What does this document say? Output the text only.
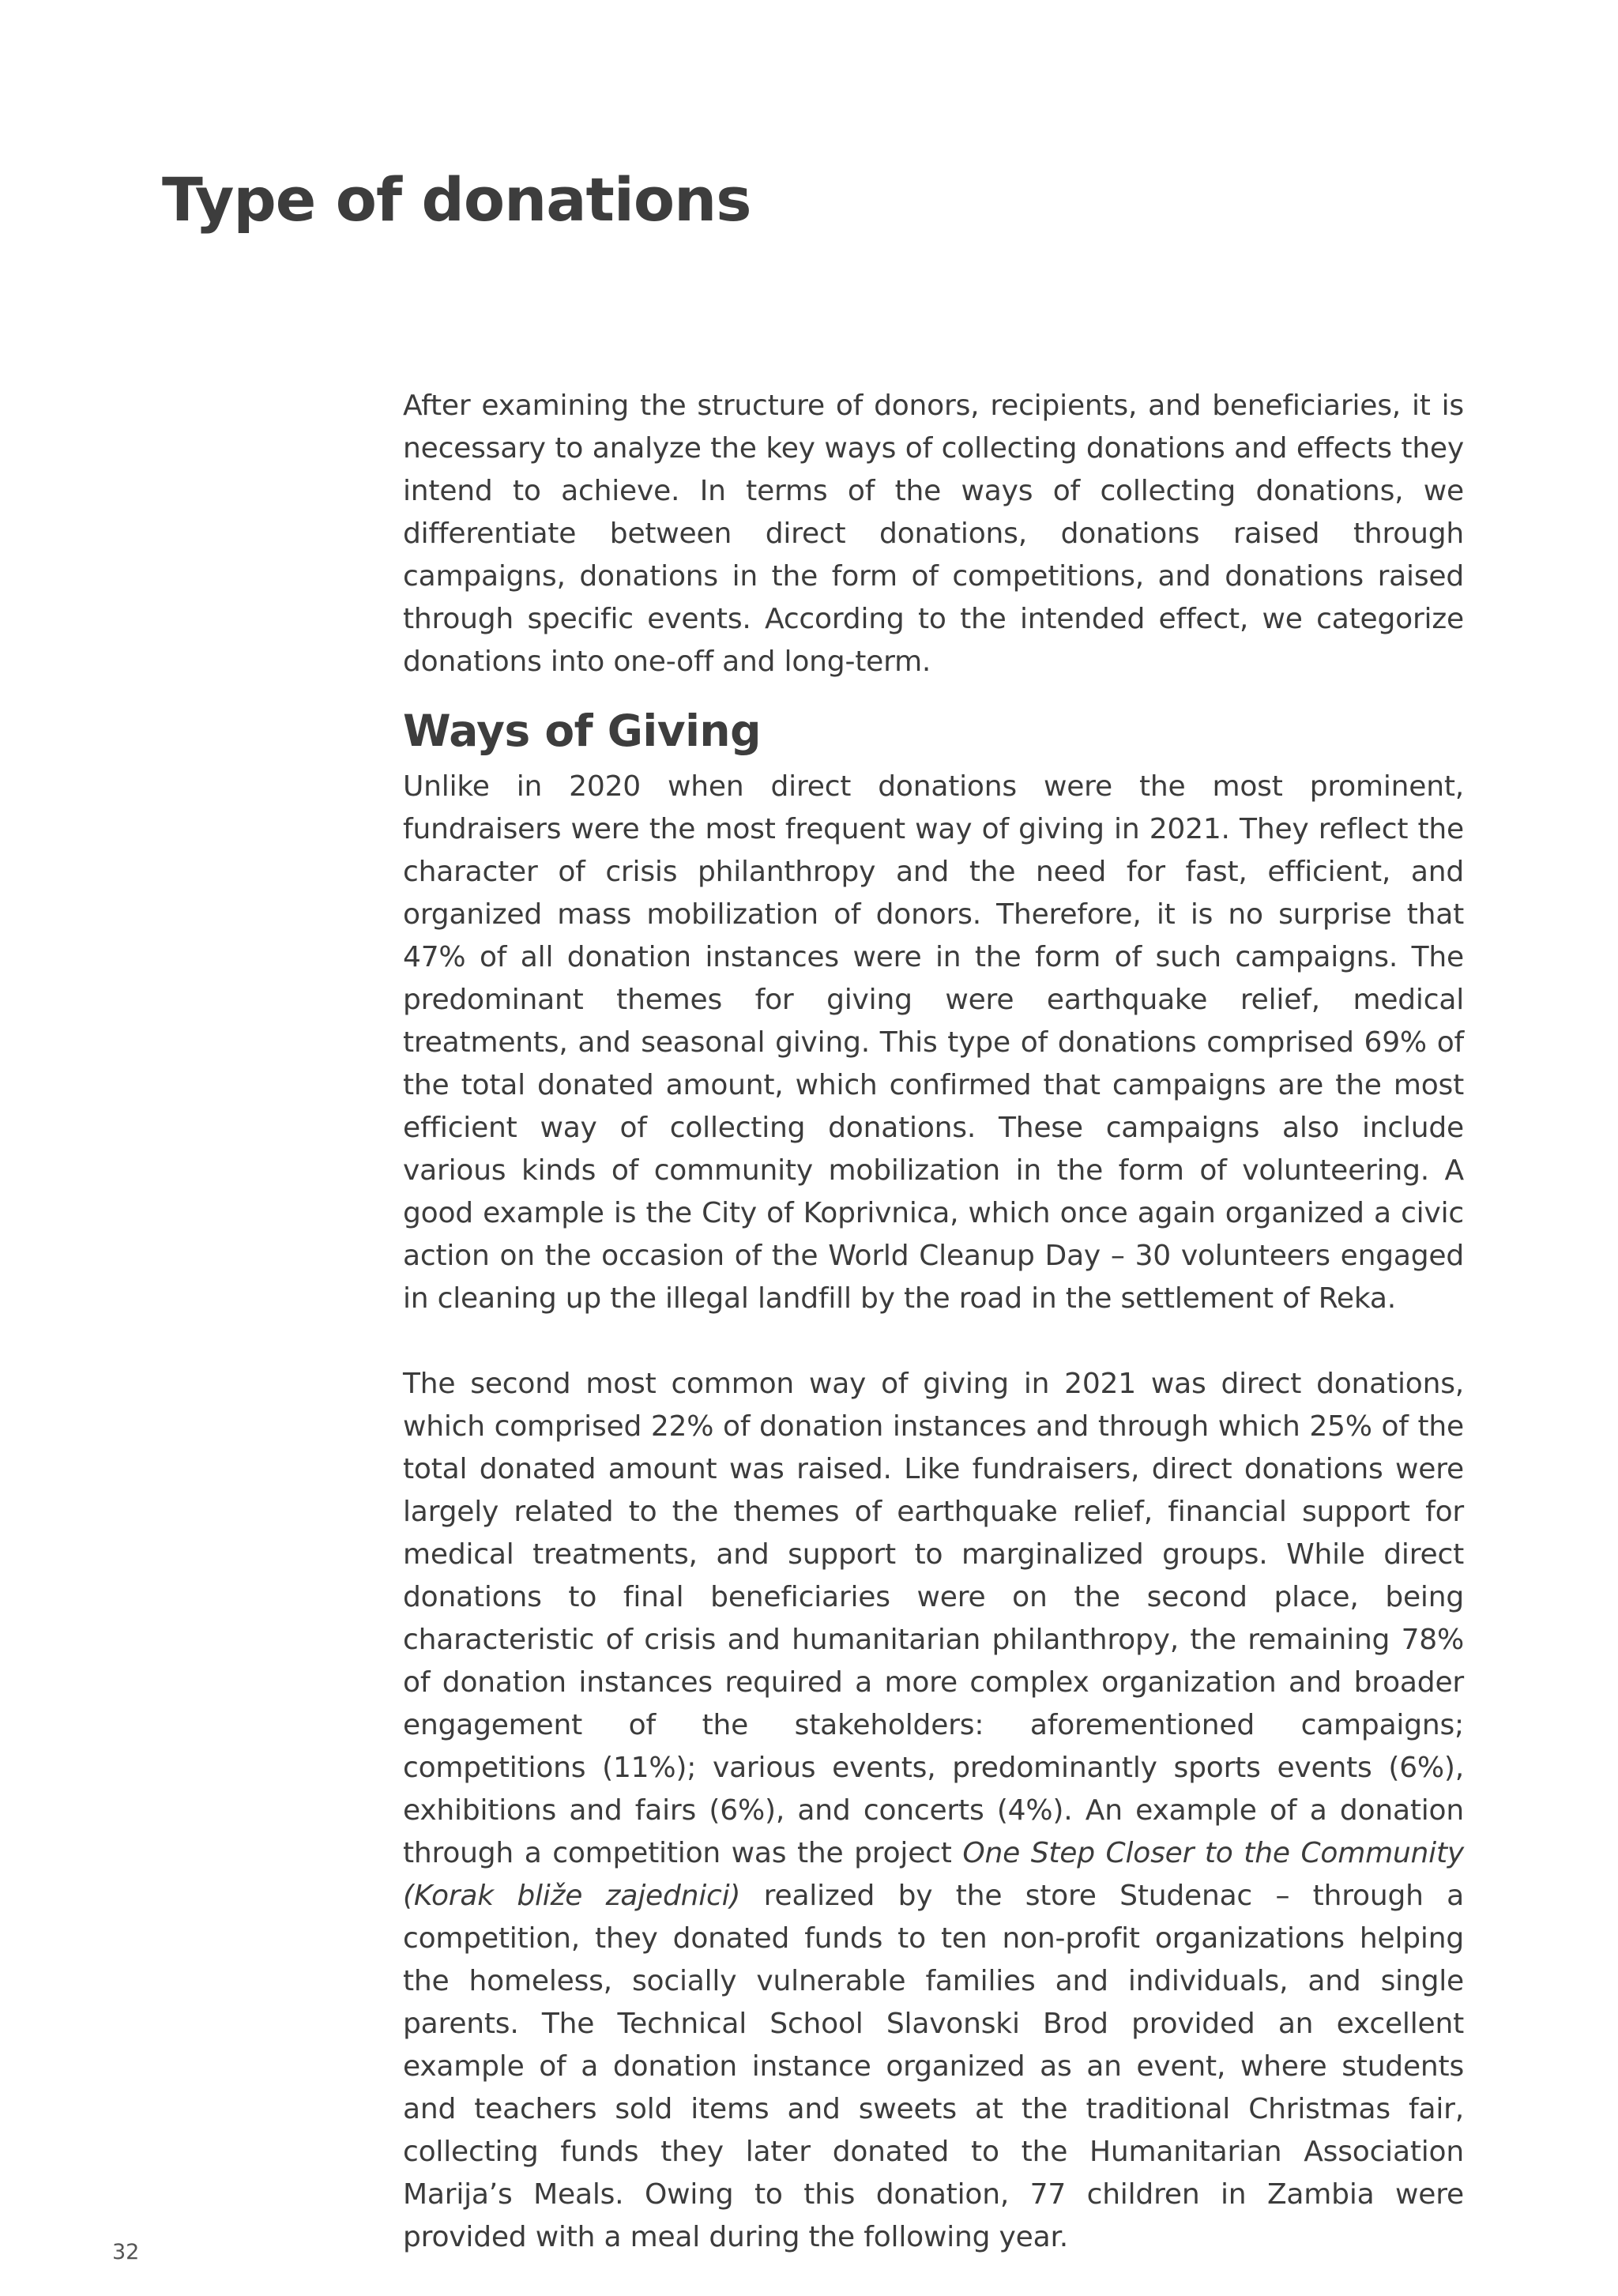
Type of donations

After examining the structure of donors, recipients, and beneficiaries, it is necessary to analyze the key ways of collecting donations and effects they intend to achieve. In terms of the ways of collecting donations, we differentiate between direct donations, donations raised through campaigns, donations in the form of competitions, and donations raised through specific events. According to the intended effect, we categorize donations into one-off and long-term.

Ways of Giving

Unlike in 2020 when direct donations were the most prominent, fundraisers were the most frequent way of giving in 2021. They reflect the character of crisis philanthropy and the need for fast, efficient, and organized mass mobilization of donors. Therefore, it is no surprise that 47% of all donation instances were in the form of such campaigns. The predominant themes for giving were earthquake relief, medical treatments, and seasonal giving. This type of donations comprised 69% of the total donated amount, which confirmed that campaigns are the most efficient way of collecting donations. These campaigns also include various kinds of community mobilization in the form of volunteering. A good example is the City of Koprivnica, which once again organized a civic action on the occasion of the World Cleanup Day – 30 volunteers engaged in cleaning up the illegal landfill by the road in the settlement of Reka.

The second most common way of giving in 2021 was direct donations, which comprised 22% of donation instances and through which 25% of the total donated amount was raised. Like fundraisers, direct donations were largely related to the themes of earthquake relief, financial support for medical treatments, and support to marginalized groups. While direct donations to final beneficiaries were on the second place, being characteristic of crisis and humanitarian philanthropy, the remaining 78% of donation instances required a more complex organization and broader engagement of the stakeholders: aforementioned campaigns; competitions (11%); various events, predominantly sports events (6%), exhibitions and fairs (6%), and concerts (4%). An example of a donation through a competition was the project One Step Closer to the Community (Korak bliže zajednici) realized by the store Studenac – through a competition, they donated funds to ten non-profit organizations helping the homeless, socially vulnerable families and individuals, and single parents. The Technical School Slavonski Brod provided an excellent example of a donation instance organized as an event, where students and teachers sold items and sweets at the traditional Christmas fair, collecting funds they later donated to the Humanitarian Association Marija’s Meals. Owing to this donation, 77 children in Zambia were provided with a meal during the following year.

32
